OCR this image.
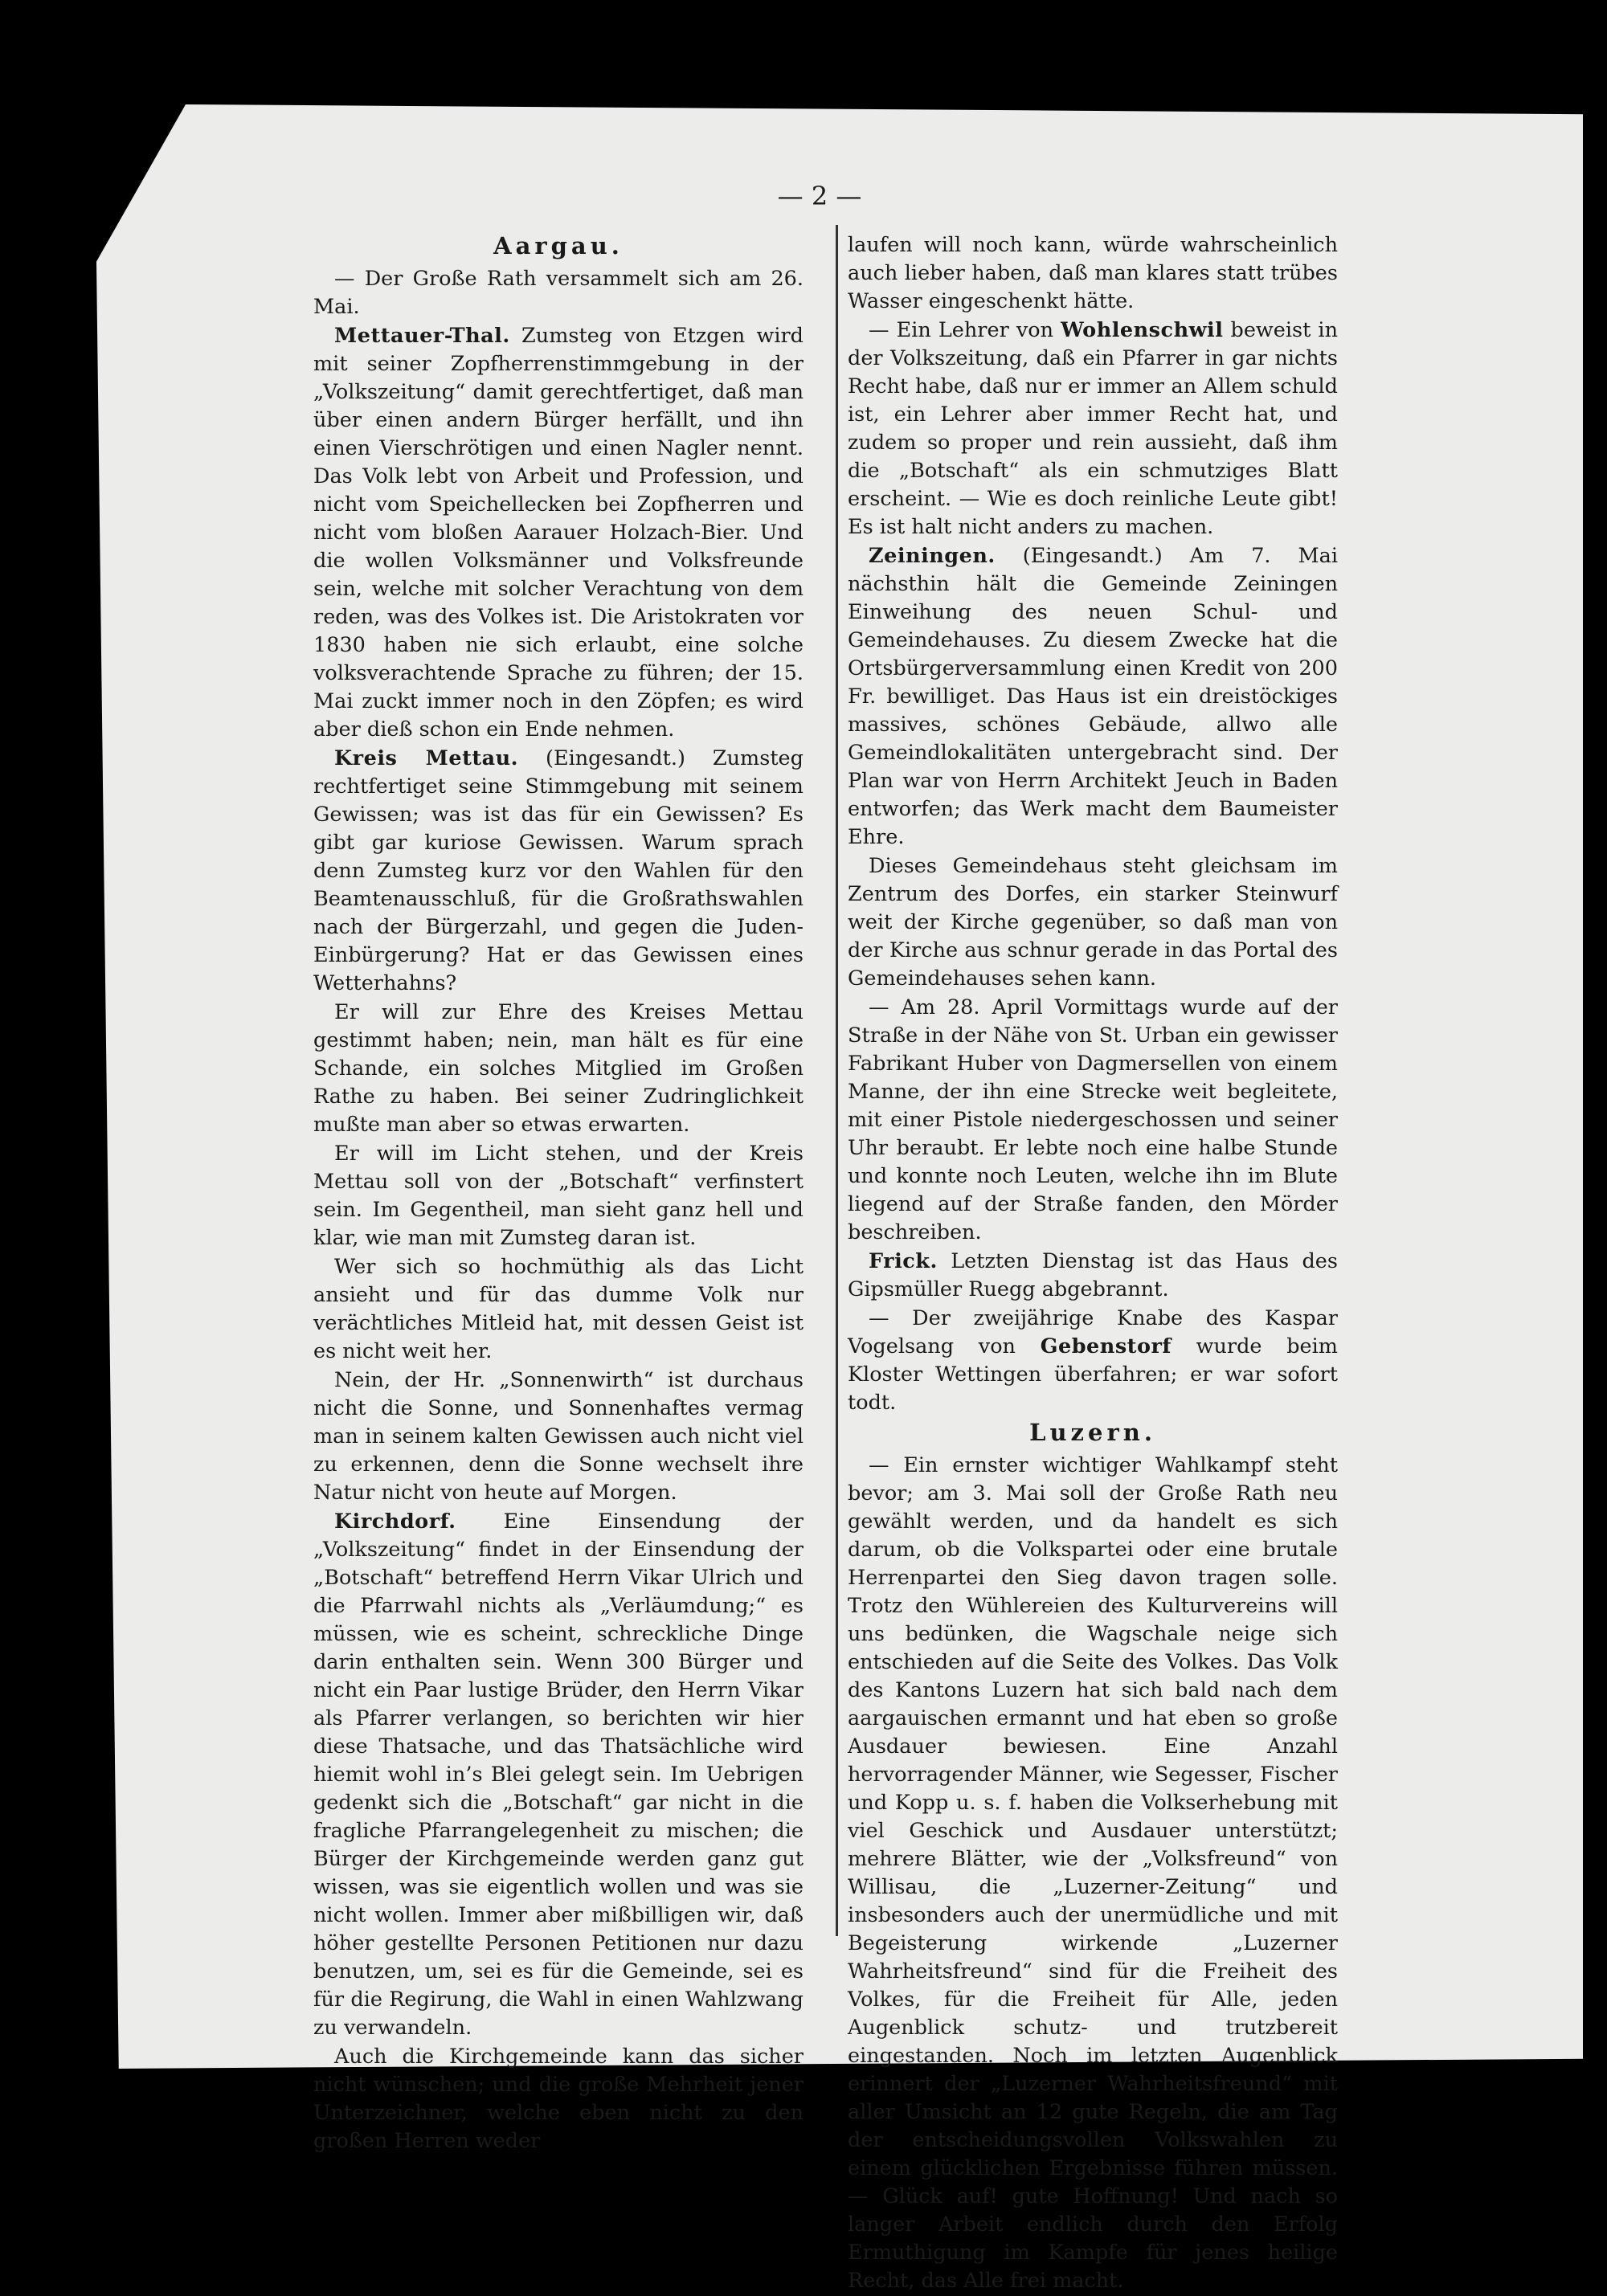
— 2 —
Aargau.

— Der Große Rath versammelt sich am 26. Mai.

Mettauer-Thal. Zumsteg von Etzgen wird mit seiner Zopfherrenstimmgebung in der „Volkszeitung“ damit gerechtfertiget, daß man über einen andern Bürger herfällt, und ihn einen Vierschrötigen und einen Nagler nennt. Das Volk lebt von Arbeit und Profession, und nicht vom Speichellecken bei Zopfherren und nicht vom bloßen Aarauer Holzach-Bier. Und die wollen Volksmänner und Volksfreunde sein, welche mit solcher Verachtung von dem reden, was des Volkes ist. Die Aristokraten vor 1830 haben nie sich erlaubt, eine solche volksverachtende Sprache zu führen; der 15. Mai zuckt immer noch in den Zöpfen; es wird aber dieß schon ein Ende nehmen.

Kreis Mettau. (Eingesandt.) Zumsteg rechtfertiget seine Stimmgebung mit seinem Gewissen; was ist das für ein Gewissen? Es gibt gar kuriose Gewissen. Warum sprach denn Zumsteg kurz vor den Wahlen für den Beamtenausschluß, für die Großrathswahlen nach der Bürgerzahl, und gegen die Juden-Einbürgerung? Hat er das Gewissen eines Wetterhahns?

Er will zur Ehre des Kreises Mettau gestimmt haben; nein, man hält es für eine Schande, ein solches Mitglied im Großen Rathe zu haben. Bei seiner Zudringlichkeit mußte man aber so etwas erwarten.

Er will im Licht stehen, und der Kreis Mettau soll von der „Botschaft“ verfinstert sein. Im Gegentheil, man sieht ganz hell und klar, wie man mit Zumsteg daran ist.

Wer sich so hochmüthig als das Licht ansieht und für das dumme Volk nur verächtliches Mitleid hat, mit dessen Geist ist es nicht weit her.

Nein, der Hr. „Sonnenwirth“ ist durchaus nicht die Sonne, und Sonnenhaftes vermag man in seinem kalten Gewissen auch nicht viel zu erkennen, denn die Sonne wechselt ihre Natur nicht von heute auf Morgen.

Kirchdorf. Eine Einsendung der „Volkszeitung“ findet in der Einsendung der „Botschaft“ betreffend Herrn Vikar Ulrich und die Pfarrwahl nichts als „Verläumdung;“ es müssen, wie es scheint, schreckliche Dinge darin enthalten sein. Wenn 300 Bürger und nicht ein Paar lustige Brüder, den Herrn Vikar als Pfarrer verlangen, so berichten wir hier diese Thatsache, und das Thatsächliche wird hiemit wohl in’s Blei gelegt sein. Im Uebrigen gedenkt sich die „Botschaft“ gar nicht in die fragliche Pfarrangelegenheit zu mischen; die Bürger der Kirchgemeinde werden ganz gut wissen, was sie eigentlich wollen und was sie nicht wollen. Immer aber mißbilligen wir, daß höher gestellte Personen Petitionen nur dazu benutzen, um, sei es für die Gemeinde, sei es für die Regirung, die Wahl in einen Wahlzwang zu verwandeln.

Auch die Kirchgemeinde kann das sicher nicht wünschen; und die große Mehrheit jener Unterzeichner, welche eben nicht zu den großen Herren weder

laufen will noch kann, würde wahrscheinlich auch lieber haben, daß man klares statt trübes Wasser eingeschenkt hätte.

— Ein Lehrer von Wohlenschwil beweist in der Volkszeitung, daß ein Pfarrer in gar nichts Recht habe, daß nur er immer an Allem schuld ist, ein Lehrer aber immer Recht hat, und zudem so proper und rein aussieht, daß ihm die „Botschaft“ als ein schmutziges Blatt erscheint. — Wie es doch reinliche Leute gibt! Es ist halt nicht anders zu machen.

Zeiningen. (Eingesandt.) Am 7. Mai nächsthin hält die Gemeinde Zeiningen Einweihung des neuen Schul- und Gemeindehauses. Zu diesem Zwecke hat die Ortsbürgerversammlung einen Kredit von 200 Fr. bewilliget. Das Haus ist ein dreistöckiges massives, schönes Gebäude, allwo alle Gemeindlokalitäten untergebracht sind. Der Plan war von Herrn Architekt Jeuch in Baden entworfen; das Werk macht dem Baumeister Ehre.

Dieses Gemeindehaus steht gleichsam im Zentrum des Dorfes, ein starker Steinwurf weit der Kirche gegenüber, so daß man von der Kirche aus schnur gerade in das Portal des Gemeindehauses sehen kann.

— Am 28. April Vormittags wurde auf der Straße in der Nähe von St. Urban ein gewisser Fabrikant Huber von Dagmersellen von einem Manne, der ihn eine Strecke weit begleitete, mit einer Pistole niedergeschossen und seiner Uhr beraubt. Er lebte noch eine halbe Stunde und konnte noch Leuten, welche ihn im Blute liegend auf der Straße fanden, den Mörder beschreiben.

Frick. Letzten Dienstag ist das Haus des Gipsmüller Ruegg abgebrannt.

— Der zweijährige Knabe des Kaspar Vogelsang von Gebenstorf wurde beim Kloster Wettingen überfahren; er war sofort todt.

Luzern.

— Ein ernster wichtiger Wahlkampf steht bevor; am 3. Mai soll der Große Rath neu gewählt werden, und da handelt es sich darum, ob die Volkspartei oder eine brutale Herrenpartei den Sieg davon tragen solle. Trotz den Wühlereien des Kulturvereins will uns bedünken, die Wagschale neige sich entschieden auf die Seite des Volkes. Das Volk des Kantons Luzern hat sich bald nach dem aargauischen ermannt und hat eben so große Ausdauer bewiesen. Eine Anzahl hervorragender Männer, wie Segesser, Fischer und Kopp u. s. f. haben die Volkserhebung mit viel Geschick und Ausdauer unterstützt; mehrere Blätter, wie der „Volksfreund“ von Willisau, die „Luzerner-Zeitung“ und insbesonders auch der unermüdliche und mit Begeisterung wirkende „Luzerner Wahrheitsfreund“ sind für die Freiheit des Volkes, für die Freiheit für Alle, jeden Augenblick schutz- und trutzbereit eingestanden. Noch im letzten Augenblick erinnert der „Luzerner Wahrheitsfreund“ mit aller Umsicht an 12 gute Regeln, die am Tag der entscheidungsvollen Volkswahlen zu einem glücklichen Ergebnisse führen müssen. — Glück auf! gute Hoffnung! Und nach so langer Arbeit endlich durch den Erfolg Ermuthigung im Kampfe für jenes heilige Recht, das Alle frei macht.
